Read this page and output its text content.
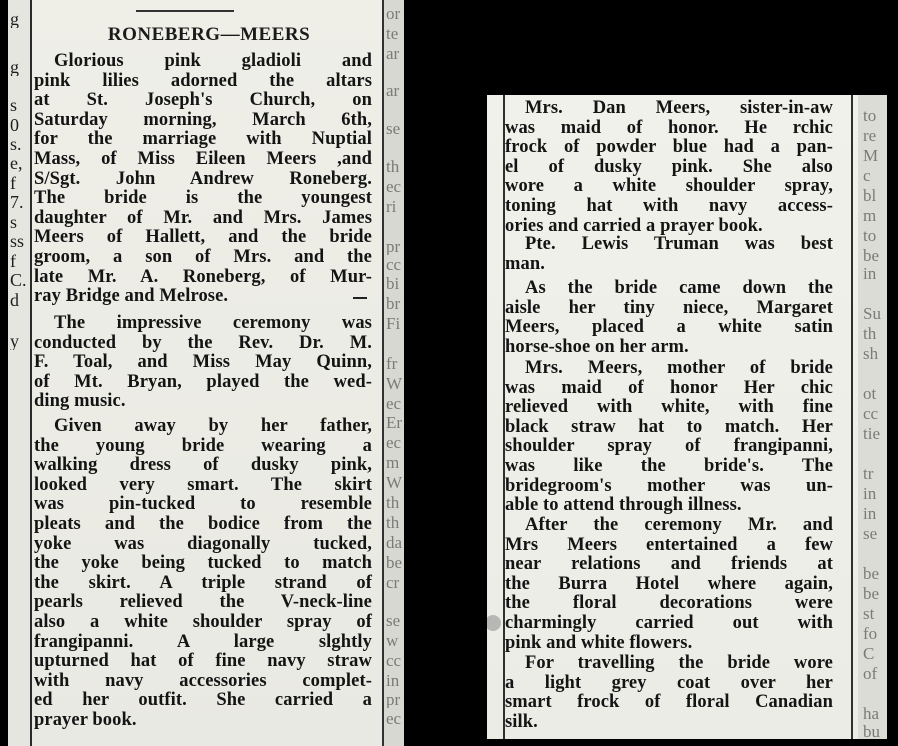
g
g
s
0
s.
e,
f
7.
s
ss
f
C.
d
y
RONEBERG—MEERS
Glorious pink gladioli and
pink lilies adorned the altars
at St. Joseph's Church, on
Saturday morning, March 6th,
for the marriage with Nuptial
Mass, of Miss Eileen Meers ,and
S/Sgt. John Andrew Roneberg.
The bride is the youngest
daughter of Mr. and Mrs. James
Meers of Hallett, and the bride
groom, a son of Mrs. and the
late Mr. A. Roneberg, of Mur-
ray Bridge and Melrose.
The impressive ceremony was
conducted by the Rev. Dr. M.
F. Toal, and Miss May Quinn,
of Mt. Bryan, played the wed-
ding music.
Given away by her father,
the young bride wearing a
walking dress of dusky pink,
looked very smart. The skirt
was pin-tucked to resemble
pleats and the bodice from the
yoke was diagonally tucked,
the yoke being tucked to match
the skirt. A triple strand of
pearls relieved the V-neck-line
also a white shoulder spray of
frangipanni. A large slghtly
upturned hat of fine navy straw
with navy accessories complet-
ed her outfit. She carried a
prayer book.
or
te
ar
ar
se
th
ec
ri
pr
cc
bi
br
Fi
fr
W
ec
Er
ec
m
W
th
th
da
be
cr
se
w
cc
in
pr
ec
Mrs. Dan Meers, sister-in-aw
was maid of honor. He rchic
frock of powder blue had a pan-
el of dusky pink. She also
wore a white shoulder spray,
toning hat with navy access-
ories and carried a prayer book.
Pte. Lewis Truman was best
man.
As the bride came down the
aisle her tiny niece, Margaret
Meers, placed a white satin
horse-shoe on her arm.
Mrs. Meers, mother of bride
was maid of honor Her chic
relieved with white, with fine
black straw hat to match. Her
shoulder spray of frangipanni,
was like the bride's. The
bridegroom's mother was un-
able to attend through illness.
After the ceremony Mr. and
Mrs Meers entertained a few
near relations and friends at
the Burra Hotel where again,
the floral decorations were
charmingly carried out with
pink and white flowers.
For travelling the bride wore
a light grey coat over her
smart frock of floral Canadian
silk.
to
re
M
c
bl
m
to
be
in
Su
th
sh
ot
cc
tie
tr
in
in
se
be
be
st
fo
C
of
ha
bu
